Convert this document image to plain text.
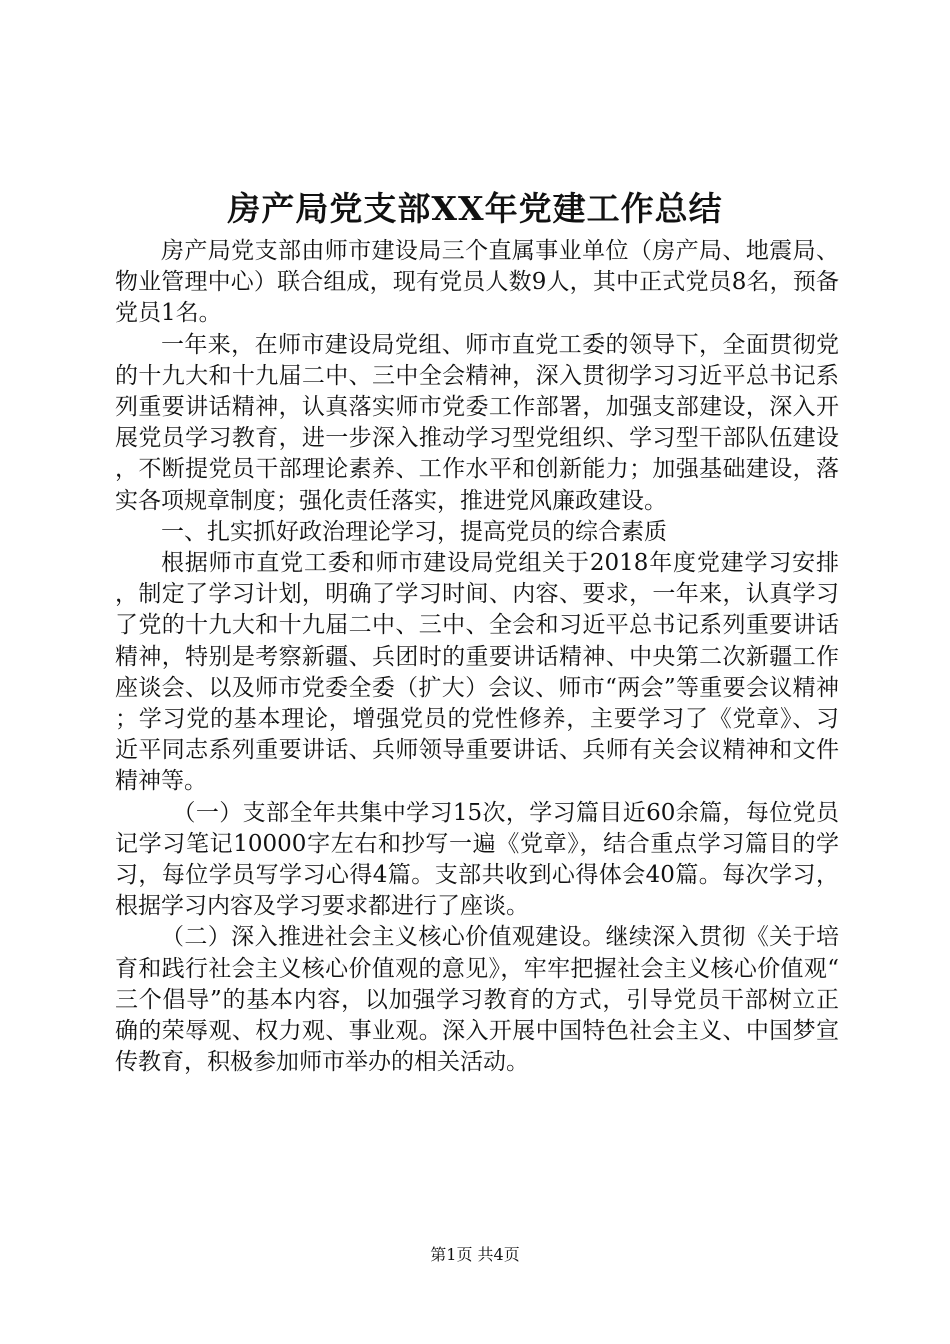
房产局党支部XX年党建工作总结

房产局党支部由师市建设局三个直属事业单位（房产局、地震局、物业管理中心）联合组成，现有党员人数9人，其中正式党员8名，预备党员1名。

一年来，在师市建设局党组、师市直党工委的领导下，全面贯彻党的十九大和十九届二中、三中全会精神，深入贯彻学习习近平总书记系列重要讲话精神，认真落实师市党委工作部署，加强支部建设，深入开展党员学习教育，进一步深入推动学习型党组织、学习型干部队伍建设，不断提党员干部理论素养、工作水平和创新能力；加强基础建设，落实各项规章制度；强化责任落实，推进党风廉政建设。

一、扎实抓好政治理论学习，提高党员的综合素质

根据师市直党工委和师市建设局党组关于2018年度党建学习安排，制定了学习计划，明确了学习时间、内容、要求，一年来，认真学习了党的十九大和十九届二中、三中、全会和习近平总书记系列重要讲话精神，特别是考察新疆、兵团时的重要讲话精神、中央第二次新疆工作座谈会、以及师市党委全委（扩大）会议、师市“两会”等重要会议精神；学习党的基本理论，增强党员的党性修养，主要学习了《党章》、习近平同志系列重要讲话、兵师领导重要讲话、兵师有关会议精神和文件精神等。

（一）支部全年共集中学习15次，学习篇目近60余篇，每位党员记学习笔记10000字左右和抄写一遍《党章》，结合重点学习篇目的学习，每位学员写学习心得4篇。支部共收到心得体会40篇。每次学习，根据学习内容及学习要求都进行了座谈。

（二）深入推进社会主义核心价值观建设。继续深入贯彻《关于培育和践行社会主义核心价值观的意见》，牢牢把握社会主义核心价值观“三个倡导”的基本内容，以加强学习教育的方式，引导党员干部树立正确的荣辱观、权力观、事业观。深入开展中国特色社会主义、中国梦宣传教育，积极参加师市举办的相关活动。

第1页 共4页
